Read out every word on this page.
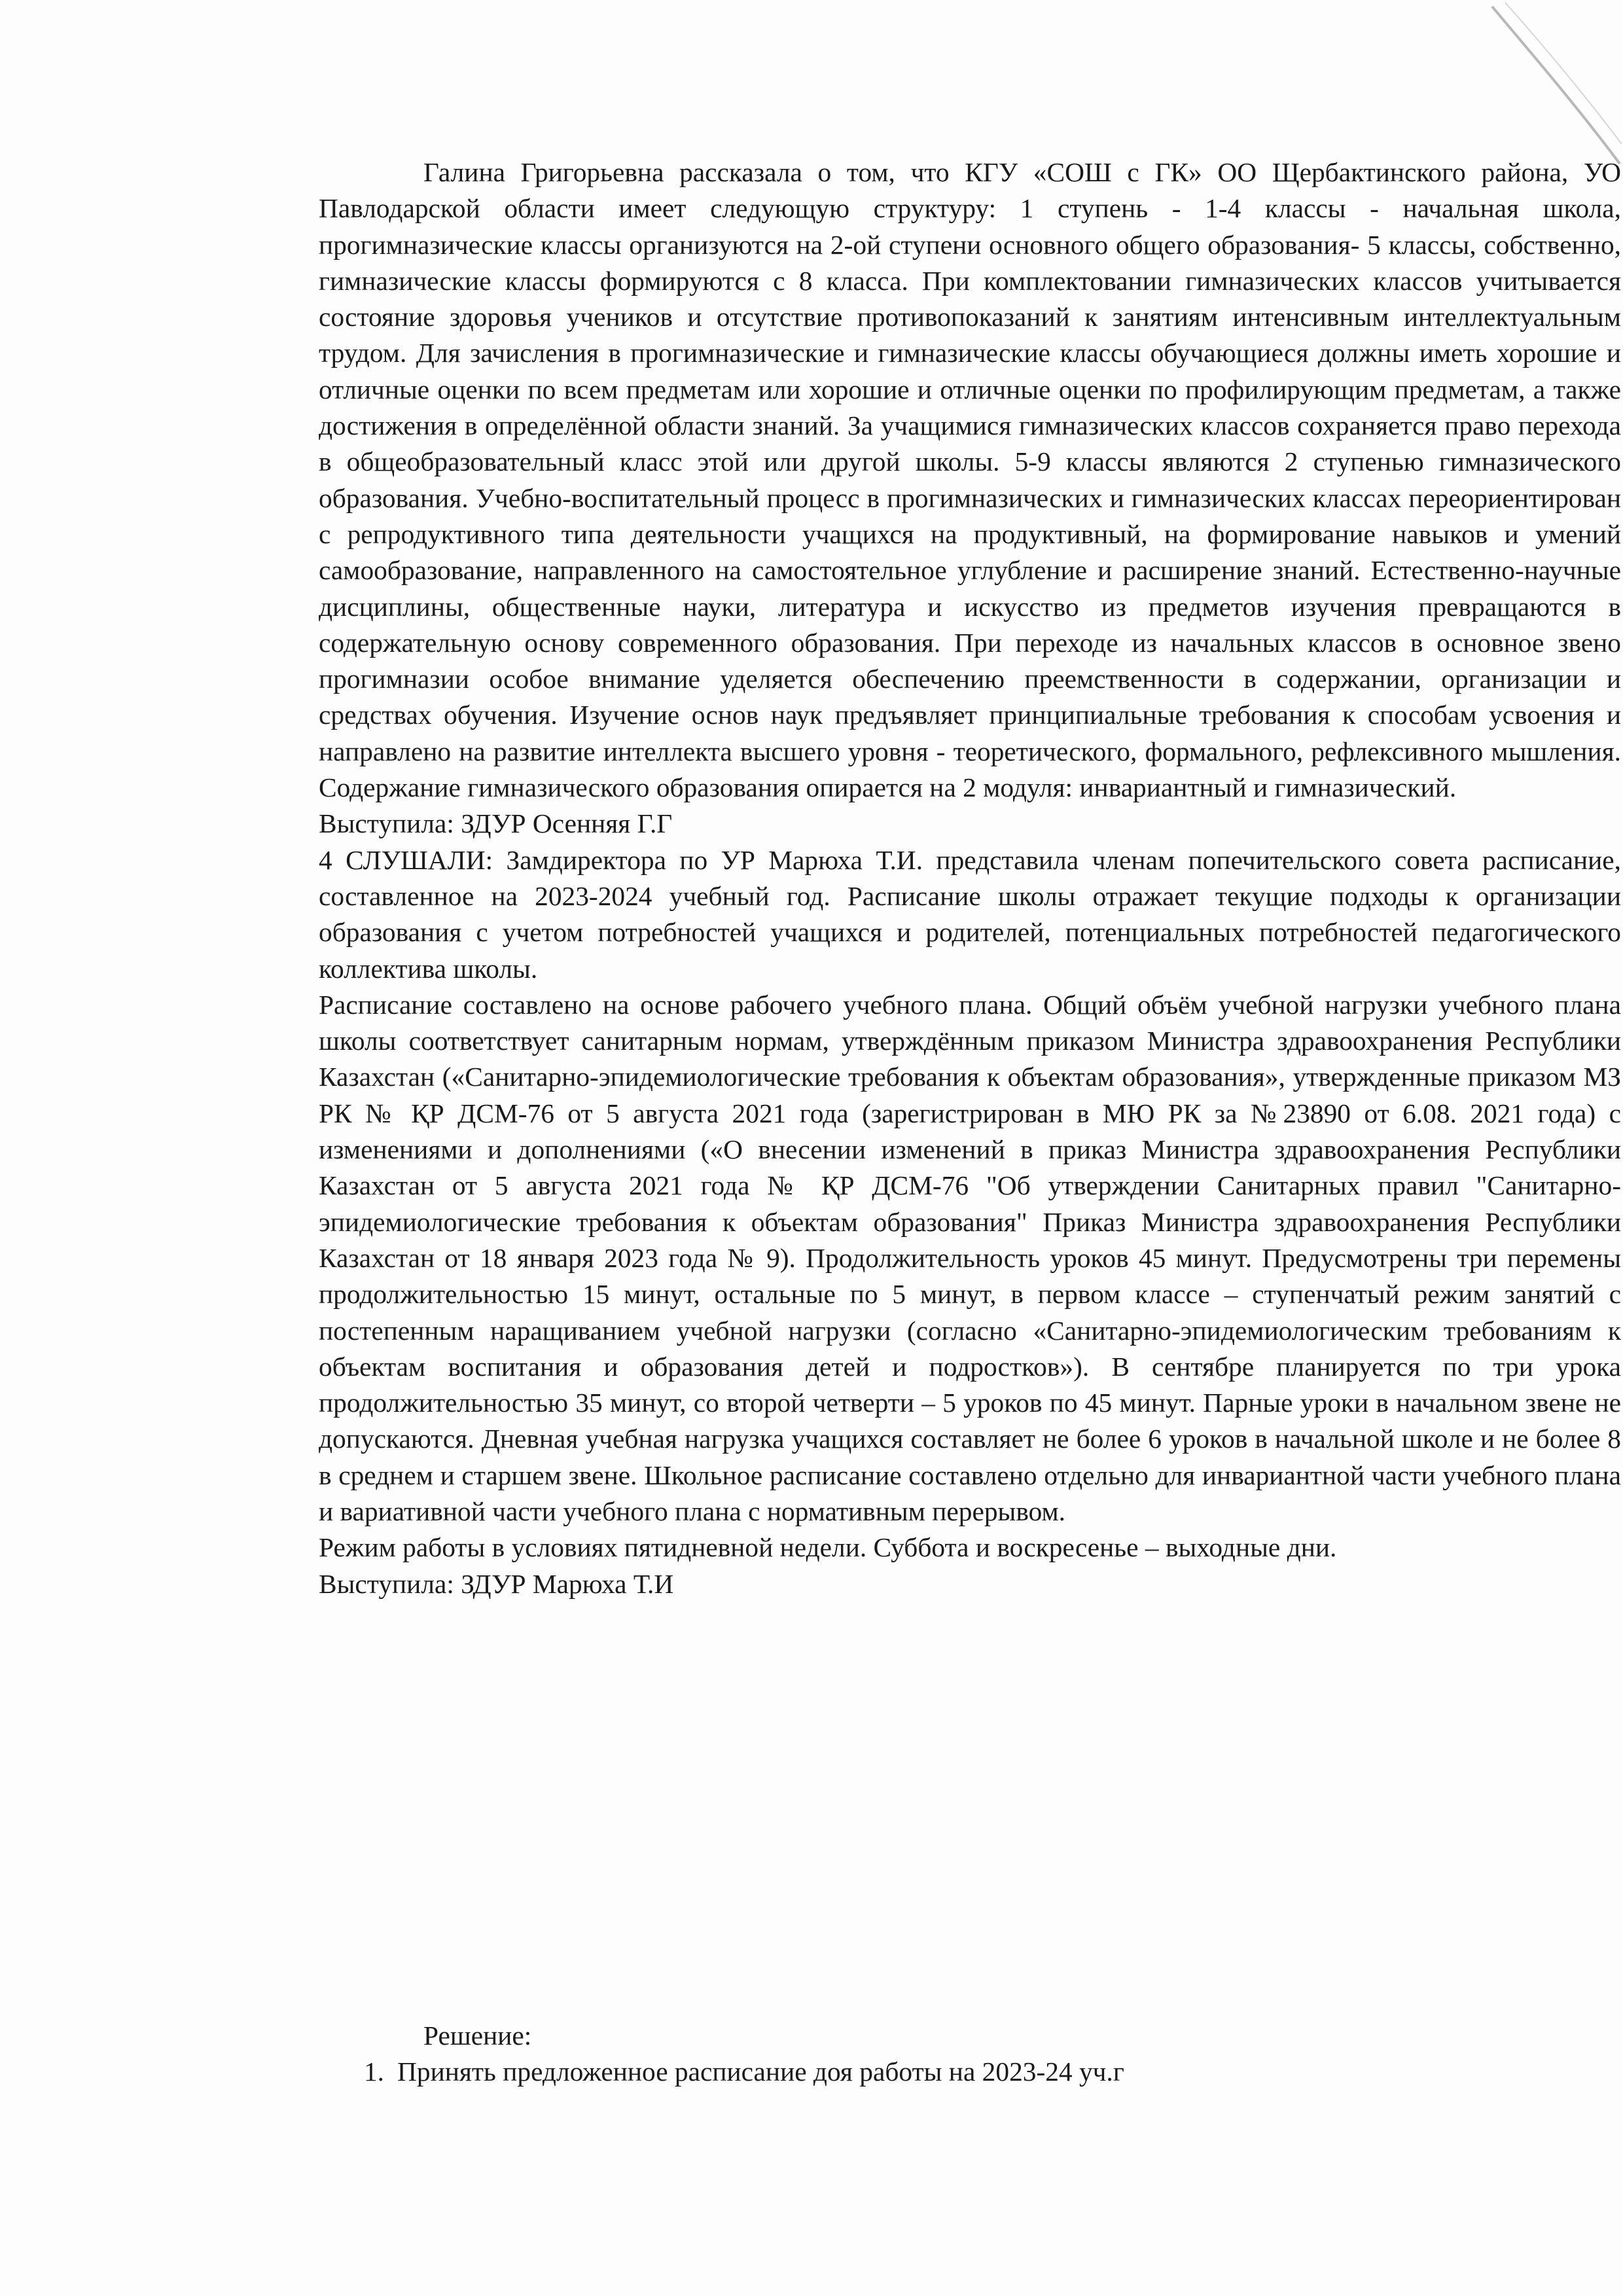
Галина Григорьевна рассказала о том, что КГУ «СОШ с ГК» ОО Щербактинского района, УО Павлодарской области имеет следующую структуру: 1 ступень - 1-4 классы - начальная школа, прогимназические классы организуются на 2-ой ступени основного общего образования- 5 классы, собственно, гимназические классы формируются с 8 класса. При комплектовании гимназических классов учитывается состояние здоровья учеников и отсутствие противопоказаний к занятиям интенсивным интеллектуальным трудом. Для зачисления в прогимназические и гимназические классы обучающиеся должны иметь хорошие и отличные оценки по всем предметам или хорошие и отличные оценки по профилирующим предметам, а также достижения в определённой области знаний. За учащимися гимназических классов сохраняется право перехода в общеобразовательный класс этой или другой школы. 5-9 классы являются 2 ступенью гимназического образования. Учебно-воспитательный процесс в прогимназических и гимназических классах переориентирован с репродуктивного типа деятельности учащихся на продуктивный, на формирование навыков и умений самообразование, направленного на самостоятельное углубление и расширение знаний. Естественно-научные дисциплины, общественные науки, литература и искусство из предметов изучения превращаются в содержательную основу современного образования. При переходе из начальных классов в основное звено прогимназии особое внимание уделяется обеспечению преемственности в содержании, организации и средствах обучения. Изучение основ наук предъявляет принципиальные требования к способам усвоения и направлено на развитие интеллекта высшего уровня - теоретического, формального, рефлексивного мышления. Содержание гимназического образования опирается на 2 модуля: инвариантный и гимназический.

Выступила: ЗДУР Осенняя Г.Г

4 СЛУШАЛИ: Замдиректора по УР Марюха Т.И. представила членам попечительского совета расписание, составленное на 2023-2024 учебный год. Расписание школы отражает текущие подходы к организации образования с учетом потребностей учащихся и родителей, потенциальных потребностей педагогического коллектива школы.

Расписание составлено на основе рабочего учебного плана. Общий объём учебной нагрузки учебного плана школы соответствует санитарным нормам, утверждённым приказом Министра здравоохранения Республики Казахстан («Санитарно-эпидемиологические требования к объектам образования», утвержденные приказом МЗ РК № ҚР ДСМ-76 от 5 августа 2021 года (зарегистрирован в МЮ РК за №23890 от 6.08. 2021 года) с изменениями и дополнениями («О внесении изменений в приказ Министра здравоохранения Республики Казахстан от 5 августа 2021 года № ҚР ДСМ-76 "Об утверждении Санитарных правил "Санитарно-эпидемиологические требования к объектам образования" Приказ Министра здравоохранения Республики Казахстан от 18 января 2023 года № 9). Продолжительность уроков 45 минут. Предусмотрены три перемены продолжительностью 15 минут, остальные по 5 минут, в первом классе – ступенчатый режим занятий с постепенным наращиванием учебной нагрузки (согласно «Санитарно-эпидемиологическим требованиям к объектам воспитания и образования детей и подростков»). В сентябре планируется по три урока продолжительностью 35 минут, со второй четверти – 5 уроков по 45 минут. Парные уроки в начальном звене не допускаются. Дневная учебная нагрузка учащихся составляет не более 6 уроков в начальной школе и не более 8 в среднем и старшем звене. Школьное расписание составлено отдельно для инвариантной части учебного плана и вариативной части учебного плана с нормативным перерывом.

Режим работы в условиях пятидневной недели. Суббота и воскресенье – выходные дни.

Выступила: ЗДУР Марюха Т.И

Решение:

1. Принять предложенное расписание доя работы на 2023-24 уч.г
